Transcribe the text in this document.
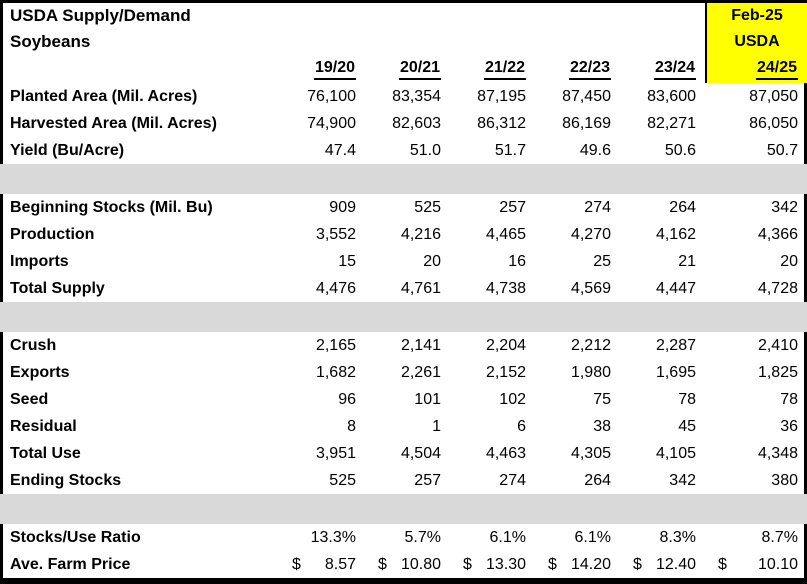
USDA Supply/Demand	Feb-25
Soybeans	USDA
19/20	20/21	21/22	22/23	23/24	24/25
Planted Area (Mil. Acres)	76,100	83,354	87,195	87,450	83,600	87,050
Harvested Area (Mil. Acres)	74,900	82,603	86,312	86,169	82,271	86,050
Yield (Bu/Acre)	47.4	51.0	51.7	49.6	50.6	50.7
Beginning Stocks (Mil. Bu)	909	525	257	274	264	342
Production	3,552	4,216	4,465	4,270	4,162	4,366
Imports	15	20	16	25	21	20
Total Supply	4,476	4,761	4,738	4,569	4,447	4,728
Crush	2,165	2,141	2,204	2,212	2,287	2,410
Exports	1,682	2,261	2,152	1,980	1,695	1,825
Seed	96	101	102	75	78	78
Residual	8	1	6	38	45	36
Total Use	3,951	4,504	4,463	4,305	4,105	4,348
Ending Stocks	525	257	274	264	342	380
Stocks/Use Ratio	13.3%	5.7%	6.1%	6.1%	8.3%	8.7%
Ave. Farm Price	$ 8.57 $ 10.80 $ 13.30 $ 14.20 $ 12.40 $ 10.10
